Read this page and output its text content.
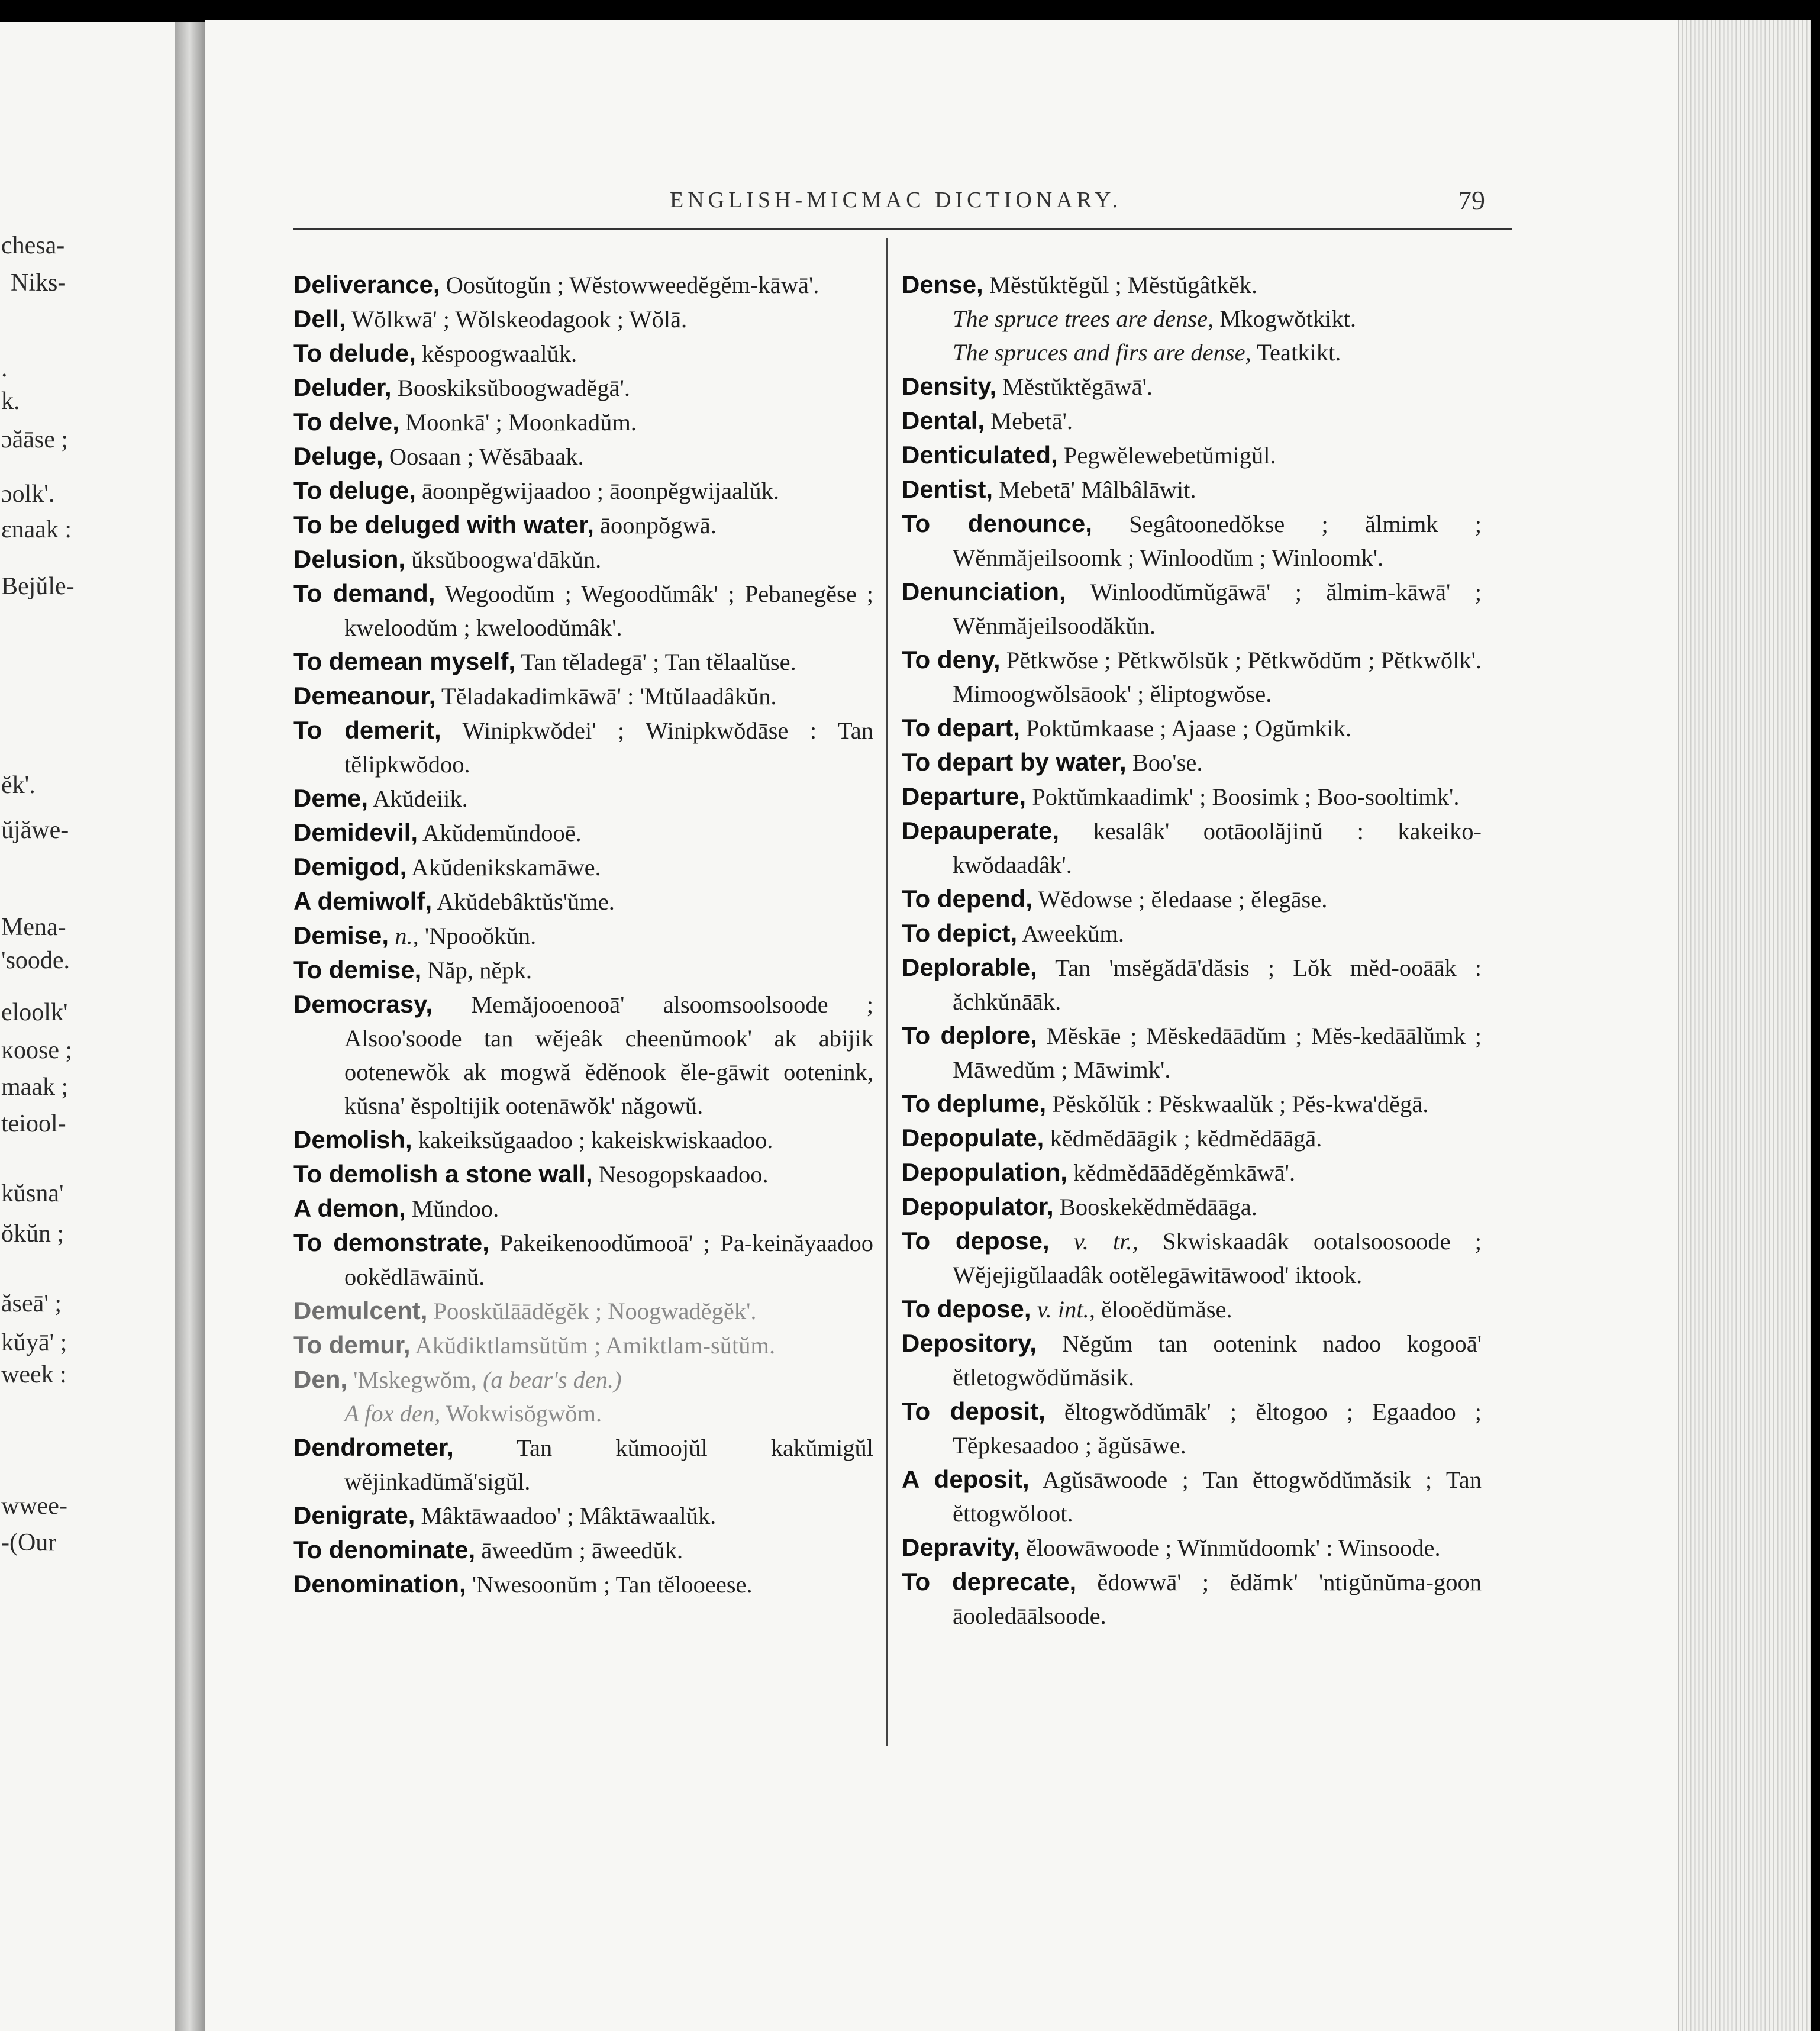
chesa-
Niks-
.
k.
ɔăāse ;
ɔolk'.
ɛnaak :
Bejŭle-
ĕk'.
ŭjăwe-
Mena-
'soode.
eloolk'
ĸoose ;
maak ;
teiool-
kŭsna'
ŏkŭn ;
ăseā' ;
kŭyā' ;
week :
wwee-
-(Our
ENGLISH-MICMAC DICTIONARY.	79
Deliverance, Oosŭtogŭn ; Wĕstowweedĕgĕm-kāwā'.
Dell, Wŏlkwā' ; Wŏlskeodagook ; Wŏlā.
To delude, kĕspoogwaalŭk.
Deluder, Booskiksŭboogwadĕgā'.
To delve, Moonkā' ; Moonkadŭm.
Deluge, Oosaan ; Wĕsābaak.
To deluge, āoonpĕgwijaadoo ; āoonpĕgwijaalŭk.
To be deluged with water, āoonpŏgwā.
Delusion, ŭksŭboogwa'dākŭn.
To demand, Wegoodŭm ; Wegoodŭmâk' ; Pebanegĕse ; kweloodŭm ; kweloodŭmâk'.
To demean myself, Tan tĕladegā' ; Tan tĕlaalŭse.
Demeanour, Tĕladakadimkāwā' : 'Mtŭlaadâkŭn.
To demerit, Winipkwŏdei' ; Winipkwŏdāse : Tan tĕlipkwŏdoo.
Deme, Akŭdeiik.
Demidevil, Akŭdemŭndooē.
Demigod, Akŭdenikskamāwe.
A demiwolf, Akŭdebâktŭs'ŭme.
Demise, n., 'Npooŏkŭn.
To demise, Năp, nĕpk.
Democrasy, Memăjooenooā' alsoomsoolsoode ; Alsoo'soode tan wĕjeâk cheenŭmook' ak abijik ootenewŏk ak mogwă ĕdĕnook ĕle-gāwit ootenink, kŭsna' ĕspoltijik ootenāwŏk' năgowŭ.
Demolish, kakeiksŭgaadoo ; kakeiskwiskaadoo.
To demolish a stone wall, Nesogopskaadoo.
A demon, Mŭndoo.
To demonstrate, Pakeikenoodŭmooā' ; Pa-keinăyaadoo ookĕdlāwāinŭ.
Demulcent, Pooskŭlāādĕgĕk ; Noogwadĕgĕk'.
To demur, Akŭdiktlamsŭtŭm ; Amiktlam-sŭtŭm.
Den, 'Mskegwŏm, (a bear's den.)
A fox den, Wokwisŏgwŏm.
Dendrometer,	Tan kŭmoojŭl kakŭmigŭl wĕjinkadŭmă'sigŭl.
Denigrate, Mâktāwaadoo' ; Mâktāwaalŭk.
To denominate, āweedŭm ; āweedŭk.
Denomination, 'Nwesoonŭm ; Tan tĕlooeese.
Dense, Mĕstŭktĕgŭl ; Mĕstŭgâtkĕk.
The spruce trees are dense, Mkogwŏtkikt.
The spruces and firs are dense, Teatkikt.
Density, Mĕstŭktĕgāwā'.
Dental, Mebetā'.
Denticulated, Pegwĕlewebetŭmigŭl.
Dentist, Mebetā' Mâlbâlāwit.
To denounce, Segâtoonedŏkse ; ălmimk ; Wĕnmăjeilsoomk ; Winloodŭm ; Winloomk'.
Denunciation, Winloodŭmŭgāwā' ; ălmim-kāwā' ; Wĕnmăjeilsoodăkŭn.
To deny, Pĕtkwŏse ; Pĕtkwŏlsŭk ; Pĕtkwŏdŭm ; Pĕtkwŏlk'. Mimoogwŏlsāook' ; ĕliptogwŏse.
To depart, Poktŭmkaase ; Ajaase ; Ogŭmkik.
To depart by water, Boo'se.
Departure, Poktŭmkaadimk' ; Boosimk ; Boo-sooltimk'.
Depauperate, kesalâk' ootāoolăjinŭ : kakeiko-kwŏdaadâk'.
To depend, Wĕdowse ; ĕledaase ; ĕlegāse.
To depict, Aweekŭm.
Deplorable, Tan 'msĕgădā'dăsis ; Lŏk mĕd-ooāāk : ăchkŭnāāk.
To deplore, Mĕskāe ; Mĕskedāādŭm ; Mĕs-kedāālŭmk ; Māwedŭm ; Māwimk'.
To deplume, Pĕskŏlŭk : Pĕskwaalŭk ; Pĕs-kwa'dĕgā.
Depopulate, kĕdmĕdāāgik ; kĕdmĕdāāgā.
Depopulation, kĕdmĕdāādĕgĕmkāwā'.
Depopulator, Booskekĕdmĕdāāga.
To depose, v. tr., Skwiskaadâk ootalsoosoode ; Wĕjejigŭlaadâk ootĕlegāwitāwood' iktook.
To depose, v. int., ĕlooĕdŭmăse.
Depository, Nĕgŭm tan ootenink nadoo kogooā' ĕtletogwŏdŭmăsik.
To deposit, ĕltogwŏdŭmāk' ; ĕltogoo ; Egaadoo ; Tĕpkesaadoo ; ăgŭsāwe.
A deposit, Agŭsāwoode ; Tan ĕttogwŏdŭmăsik ; Tan ĕttogwŏloot.
Depravity, ĕloowāwoode ; Wĭnmŭdoomk' : Winsoode.
To deprecate, ĕdowwā' ; ĕdămk' 'ntigŭnŭma-goon āooledāālsoode.
